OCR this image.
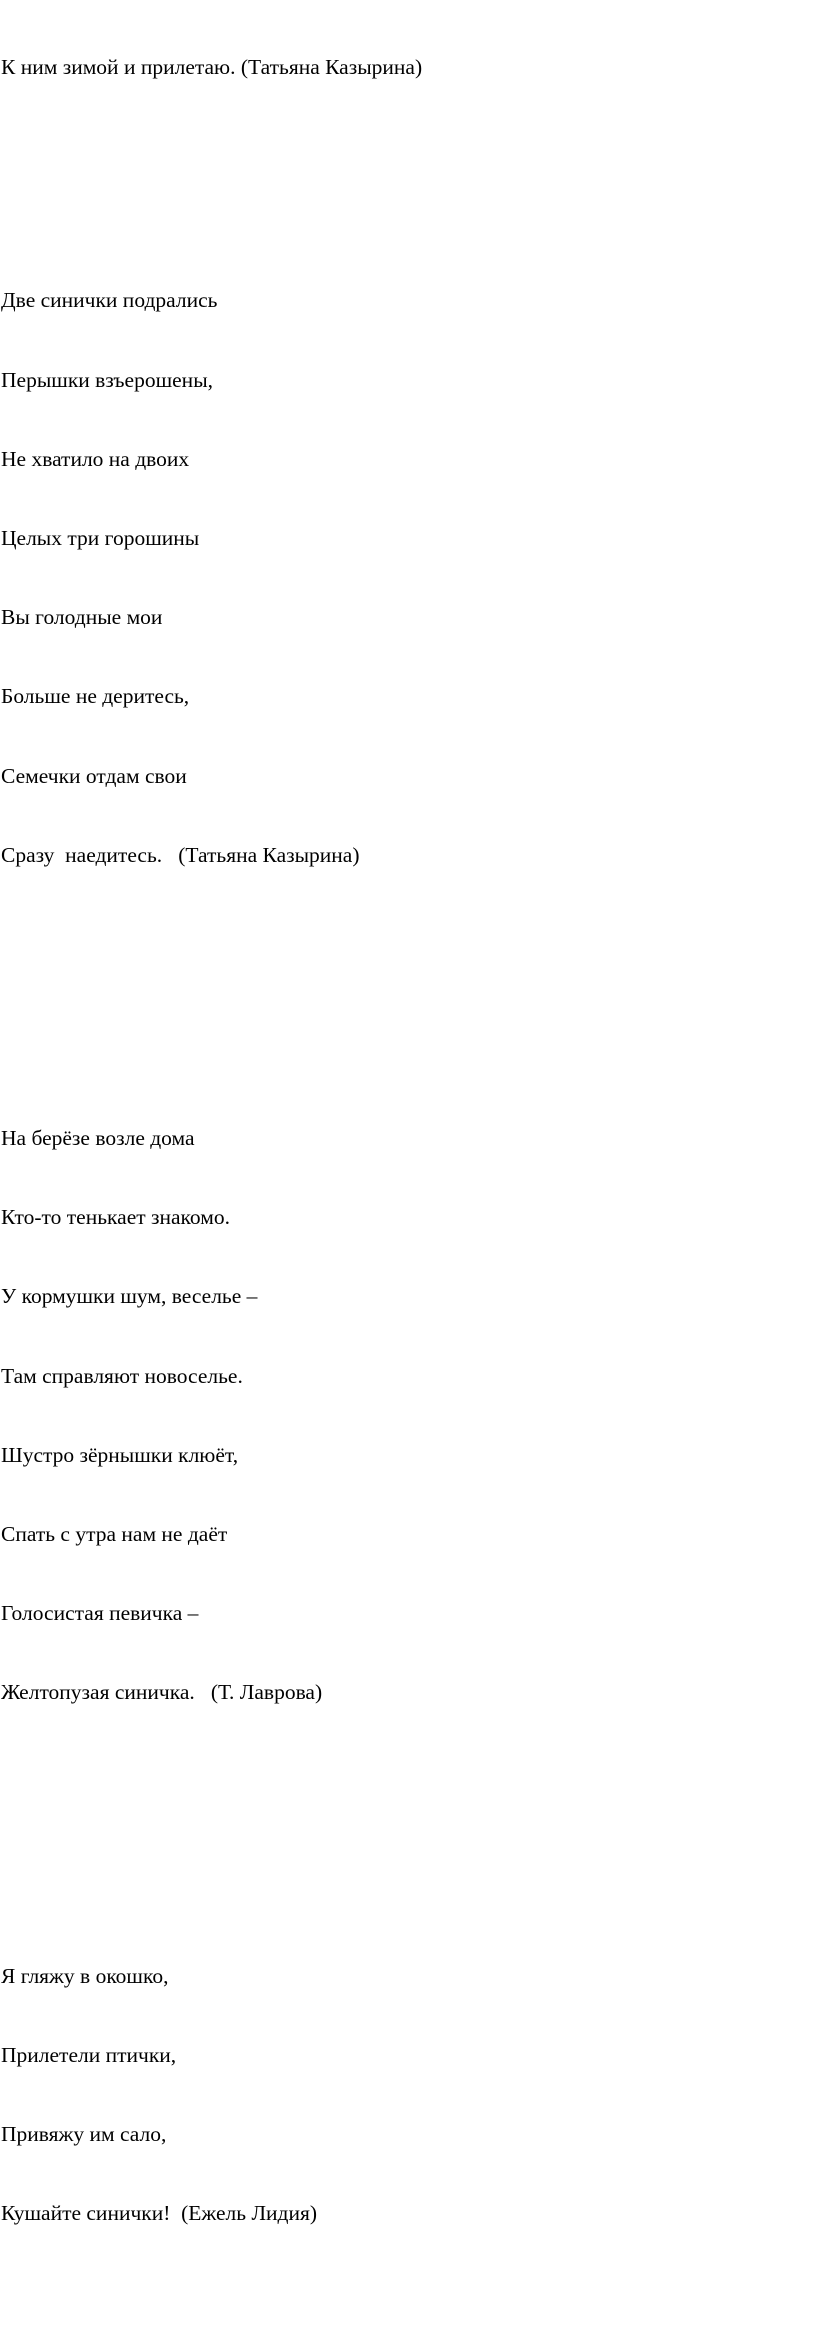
К ним зимой и прилетаю. (Татьяна Казырина)

Две синички подрались

Перышки взъерошены,

Не хватило на двоих

Целых три горошины

Вы голодные мои

Больше не деритесь,

Семечки отдам свои

Сразу  наедитесь.   (Татьяна Казырина)

На берёзе возле дома

Кто-то тенькает знакомо.

У кормушки шум, веселье –

Там справляют новоселье.

Шустро зёрнышки клюёт,

Спать с утра нам не даёт

Голосистая певичка –

Желтопузая синичка.   (Т. Лаврова)

Я гляжу в окошко,

Прилетели птички,

Привяжу им сало,

Кушайте синички!  (Ежель Лидия)
